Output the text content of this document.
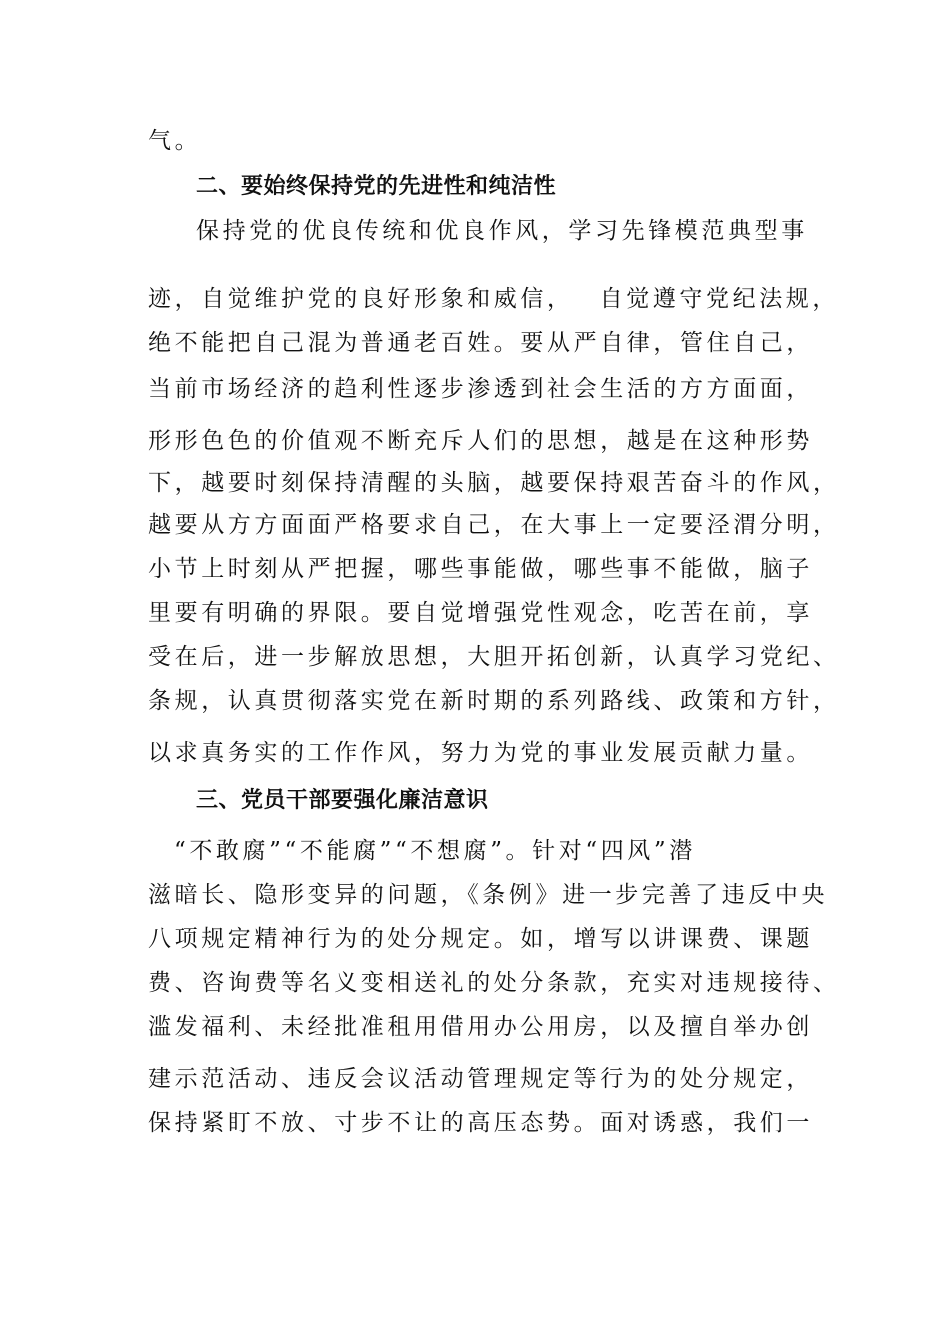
气。
二、要始终保持党的先进性和纯洁性
保持党的优良传统和优良作风，学习先锋模范典型事
迹，自觉维护党的良好形象和威信，　 自觉遵守党纪法规，
绝不能把自己混为普通老百姓。要从严自律，管住自己，
当前市场经济的趋利性逐步渗透到社会生活的方方面面，
形形色色的价值观不断充斥人们的思想，越是在这种形势
下，越要时刻保持清醒的头脑，越要保持艰苦奋斗的作风，
越要从方方面面严格要求自己，在大事上一定要泾渭分明，
小节上时刻从严把握，哪些事能做，哪些事不能做，脑子
里要有明确的界限。要自觉增强党性观念，吃苦在前，享
受在后，进一步解放思想，大胆开拓创新，认真学习党纪、
条规，认真贯彻落实党在新时期的系列路线、政策和方针，
以求真务实的工作作风，努力为党的事业发展贡献力量。
三、党员干部要强化廉洁意识
“不敢腐”“不能腐”“不想腐”。针对“四风”潜
滋暗长、隐形变异的问题，《条例》进一步完善了违反中央
八项规定精神行为的处分规定。如，增写以讲课费、课题
费、咨询费等名义变相送礼的处分条款，充实对违规接待、
滥发福利、未经批准租用借用办公用房，以及擅自举办创
建示范活动、违反会议活动管理规定等行为的处分规定，
保持紧盯不放、寸步不让的高压态势。面对诱惑，我们一
